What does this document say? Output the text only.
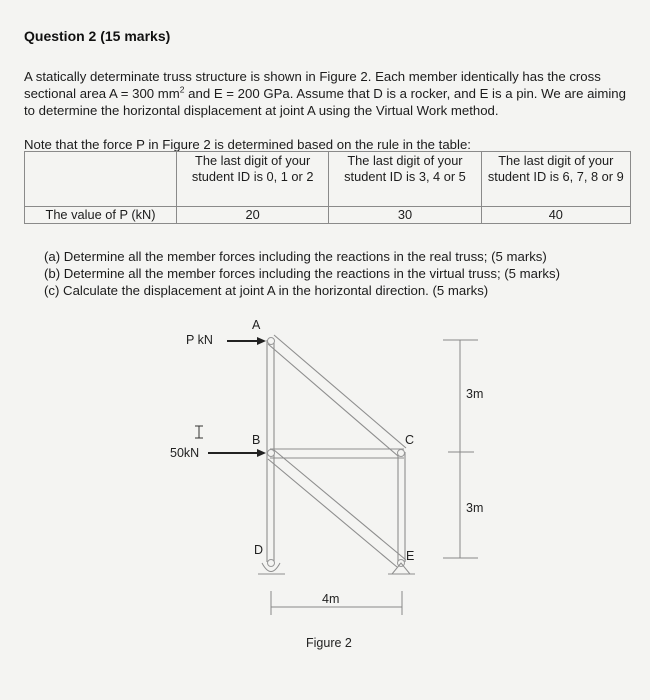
Question 2 (15 marks)
A statically determinate truss structure is shown in Figure 2. Each member identically has the cross sectional area A = 300 $mm^2$ and E = 200 GPa. Assume that D is a rocker, and E is a pin. We are aiming to determine the horizontal displacement at joint A using the Virtual Work method.
Note that the force P in Figure 2 is determined based on the rule in the table:
	The last digit of your student ID is 0, 1 or 2	The last digit of your student ID is 3, 4 or 5	The last digit of your student ID is 6, 7, 8 or 9
The value of P (kN)	20	30	40
(a) Determine all the member forces including the reactions in the real truss; (5 marks)
(b) Determine all the member forces including the reactions in the virtual truss; (5 marks)
(c) Calculate the displacement at joint A in the horizontal direction. (5 marks)
A
B	C
D	E
P kN
50kN
3m
3m
4m
Figure 2
